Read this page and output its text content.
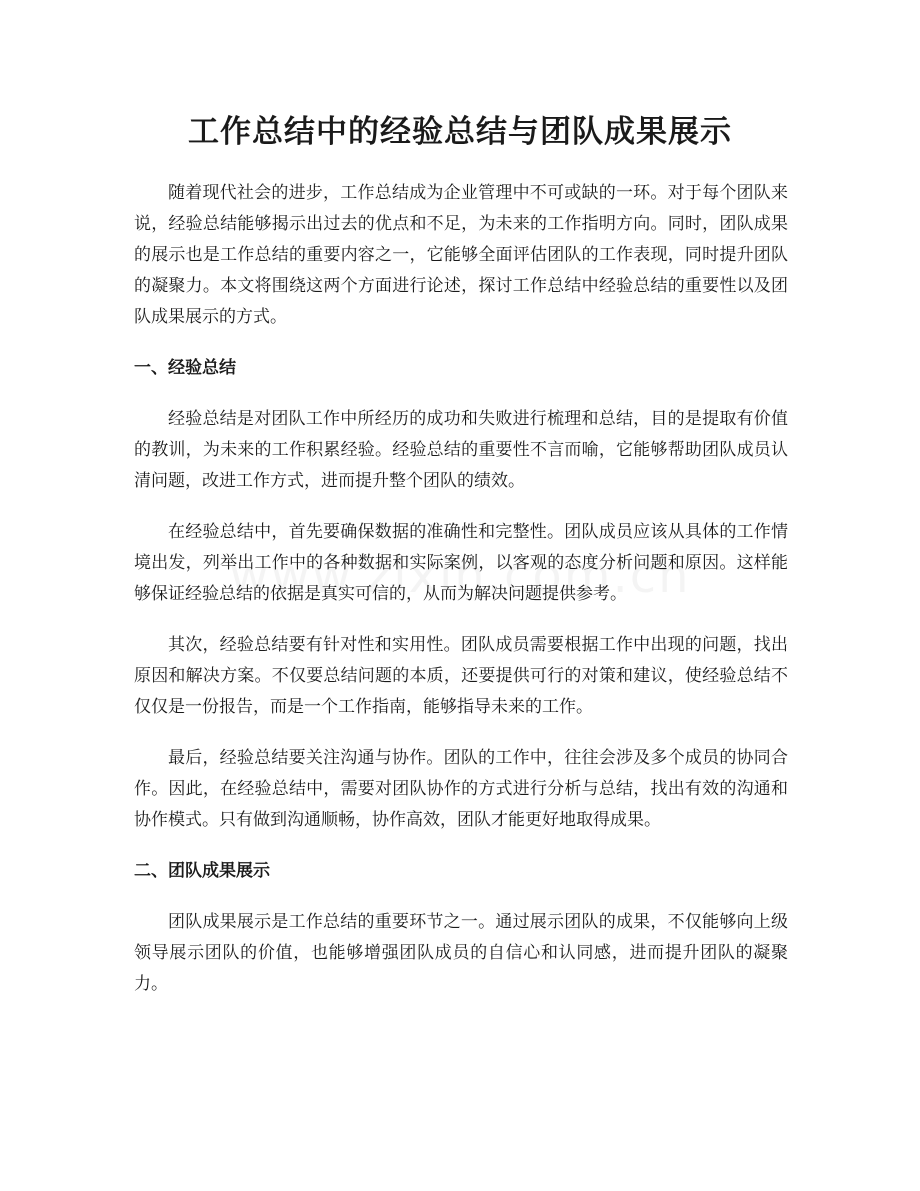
工作总结中的经验总结与团队成果展示

随着现代社会的进步，工作总结成为企业管理中不可或缺的一环。对于每个团队来说，经验总结能够揭示出过去的优点和不足，为未来的工作指明方向。同时，团队成果的展示也是工作总结的重要内容之一，它能够全面评估团队的工作表现，同时提升团队的凝聚力。本文将围绕这两个方面进行论述，探讨工作总结中经验总结的重要性以及团队成果展示的方式。

一、经验总结

经验总结是对团队工作中所经历的成功和失败进行梳理和总结，目的是提取有价值的教训，为未来的工作积累经验。经验总结的重要性不言而喻，它能够帮助团队成员认清问题，改进工作方式，进而提升整个团队的绩效。

在经验总结中，首先要确保数据的准确性和完整性。团队成员应该从具体的工作情境出发，列举出工作中的各种数据和实际案例，以客观的态度分析问题和原因。这样能够保证经验总结的依据是真实可信的，从而为解决问题提供参考。

其次，经验总结要有针对性和实用性。团队成员需要根据工作中出现的问题，找出原因和解决方案。不仅要总结问题的本质，还要提供可行的对策和建议，使经验总结不仅仅是一份报告，而是一个工作指南，能够指导未来的工作。

最后，经验总结要关注沟通与协作。团队的工作中，往往会涉及多个成员的协同合作。因此，在经验总结中，需要对团队协作的方式进行分析与总结，找出有效的沟通和协作模式。只有做到沟通顺畅，协作高效，团队才能更好地取得成果。

二、团队成果展示

团队成果展示是工作总结的重要环节之一。通过展示团队的成果，不仅能够向上级领导展示团队的价值，也能够增强团队成员的自信心和认同感，进而提升团队的凝聚力。
